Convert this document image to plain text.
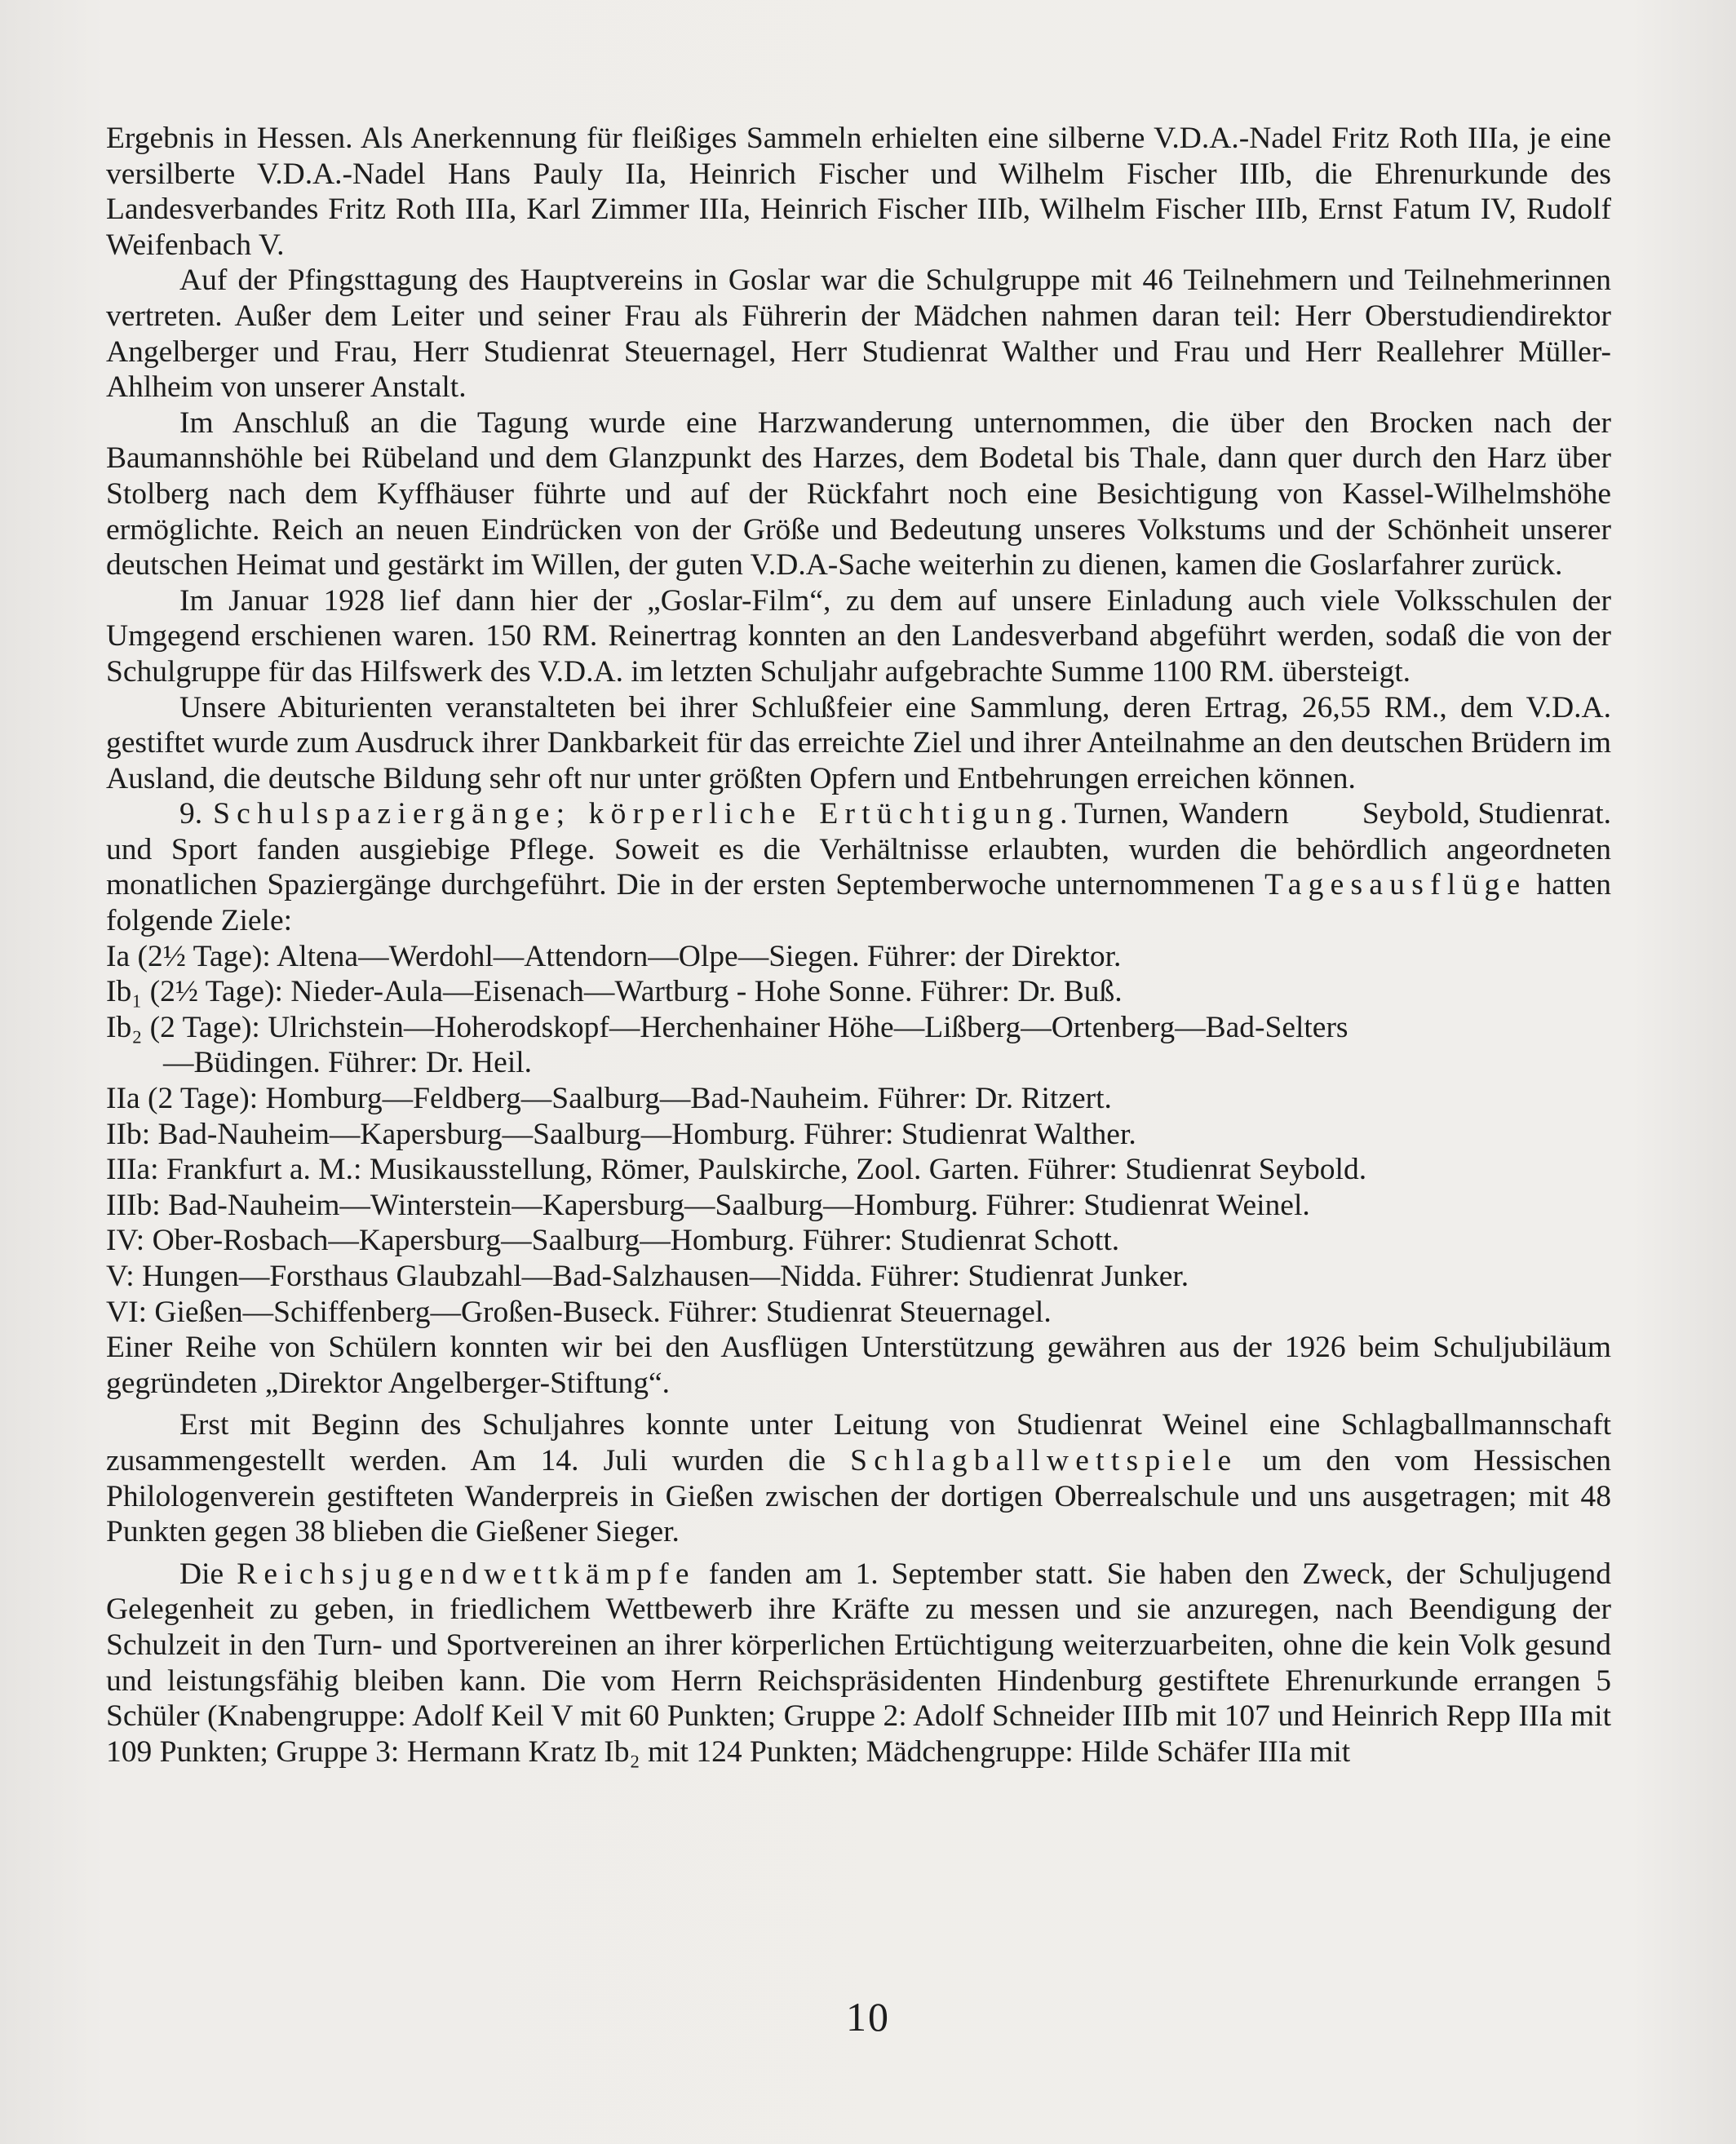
Ergebnis in Hessen. Als Anerkennung für fleißiges Sammeln erhielten eine silberne V.D.A.-Nadel Fritz Roth IIIa, je eine versilberte V.D.A.-Nadel Hans Pauly IIa, Heinrich Fischer und Wilhelm Fischer IIIb, die Ehrenurkunde des Landesverbandes Fritz Roth IIIa, Karl Zimmer IIIa, Heinrich Fischer IIIb, Wilhelm Fischer IIIb, Ernst Fatum IV, Rudolf Weifenbach V.

Auf der Pfingsttagung des Hauptvereins in Goslar war die Schulgruppe mit 46 Teilnehmern und Teilnehmerinnen vertreten. Außer dem Leiter und seiner Frau als Führerin der Mädchen nahmen daran teil: Herr Oberstudiendirektor Angelberger und Frau, Herr Studienrat Steuernagel, Herr Studienrat Walther und Frau und Herr Reallehrer Müller-Ahlheim von unserer Anstalt.

Im Anschluß an die Tagung wurde eine Harzwanderung unternommen, die über den Brocken nach der Baumannshöhle bei Rübeland und dem Glanzpunkt des Harzes, dem Bodetal bis Thale, dann quer durch den Harz über Stolberg nach dem Kyffhäuser führte und auf der Rückfahrt noch eine Besichtigung von Kassel-Wilhelmshöhe ermöglichte. Reich an neuen Eindrücken von der Größe und Bedeutung unseres Volkstums und der Schönheit unserer deutschen Heimat und gestärkt im Willen, der guten V.D.A-Sache weiterhin zu dienen, kamen die Goslarfahrer zurück.

Im Januar 1928 lief dann hier der „Goslar-Film“, zu dem auf unsere Einladung auch viele Volksschulen der Umgegend erschienen waren. 150 RM. Reinertrag konnten an den Landesverband abgeführt werden, sodaß die von der Schulgruppe für das Hilfswerk des V.D.A. im letzten Schuljahr aufgebrachte Summe 1100 RM. übersteigt.

Unsere Abiturienten veranstalteten bei ihrer Schlußfeier eine Sammlung, deren Ertrag, 26,55 RM., dem V.D.A. gestiftet wurde zum Ausdruck ihrer Dankbarkeit für das erreichte Ziel und ihrer Anteilnahme an den deutschen Brüdern im Ausland, die deutsche Bildung sehr oft nur unter größten Opfern und Entbehrungen erreichen können.
Seybold, Studienrat.

9. Schulspaziergänge; körperliche Ertüchtigung.Turnen, Wandern und Sport fanden ausgiebige Pflege. Soweit es die Verhältnisse erlaubten, wurden die behördlich angeordneten monatlichen Spaziergänge durchgeführt. Die in der ersten Septemberwoche unternommenen Tagesausflüge hatten folgende Ziele:

Ia (2½ Tage): Altena—Werdohl—Attendorn—Olpe—Siegen. Führer: der Direktor.

Ib₁ (2½ Tage): Nieder-Aula—Eisenach—Wartburg - Hohe Sonne. Führer: Dr. Buß.

Ib₂ (2 Tage): Ulrichstein—Hoherodskopf—Herchenhainer Höhe—Lißberg—Ortenberg—Bad-Selters

—Büdingen. Führer: Dr. Heil.

IIa (2 Tage): Homburg—Feldberg—Saalburg—Bad-Nauheim. Führer: Dr. Ritzert.

IIb: Bad-Nauheim—Kapersburg—Saalburg—Homburg. Führer: Studienrat Walther.

IIIa: Frankfurt a. M.: Musikausstellung, Römer, Paulskirche, Zool. Garten. Führer: Studienrat Seybold.

IIIb: Bad-Nauheim—Winterstein—Kapersburg—Saalburg—Homburg. Führer: Studienrat Weinel.

IV: Ober-Rosbach—Kapersburg—Saalburg—Homburg. Führer: Studienrat Schott.

V: Hungen—Forsthaus Glaubzahl—Bad-Salzhausen—Nidda. Führer: Studienrat Junker.

VI: Gießen—Schiffenberg—Großen-Buseck. Führer: Studienrat Steuernagel.

Einer Reihe von Schülern konnten wir bei den Ausflügen Unterstützung gewähren aus der 1926 beim Schuljubiläum gegründeten „Direktor Angelberger-Stiftung“.

Erst mit Beginn des Schuljahres konnte unter Leitung von Studienrat Weinel eine Schlagballmannschaft zusammengestellt werden. Am 14. Juli wurden die Schlagballwettspiele um den vom Hessischen Philologenverein gestifteten Wanderpreis in Gießen zwischen der dortigen Oberrealschule und uns ausgetragen; mit 48 Punkten gegen 38 blieben die Gießener Sieger.

Die Reichsjugendwettkämpfe fanden am 1. September statt. Sie haben den Zweck, der Schuljugend Gelegenheit zu geben, in friedlichem Wettbewerb ihre Kräfte zu messen und sie anzuregen, nach Beendigung der Schulzeit in den Turn- und Sportvereinen an ihrer körperlichen Ertüchtigung weiterzuarbeiten, ohne die kein Volk gesund und leistungsfähig bleiben kann. Die vom Herrn Reichspräsidenten Hindenburg gestiftete Ehrenurkunde errangen 5 Schüler (Knabengruppe: Adolf Keil V mit 60 Punkten; Gruppe 2: Adolf Schneider IIIb mit 107 und Heinrich Repp IIIa mit 109 Punkten; Gruppe 3: Hermann Kratz Ib₂ mit 124 Punkten; Mädchengruppe: Hilde Schäfer IIIa mit

10
